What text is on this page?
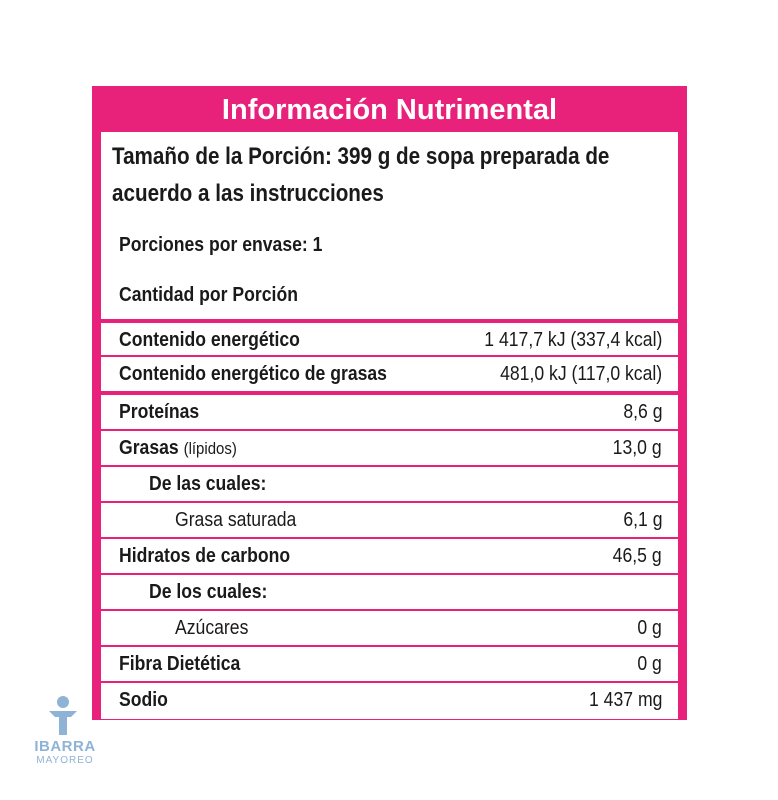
Información Nutrimental
Tamaño de la Porción: 399 g de sopa preparada de acuerdo a las instrucciones
Porciones por envase: 1
Cantidad por Porción
Contenido energético	1 417,7 kJ (337,4 kcal)
Contenido energético de grasas	481,0 kJ (117,0 kcal)
Proteínas	8,6 g
Grasas (lípidos)	13,0 g
De las cuales:
Grasa saturada	6,1 g
Hidratos de carbono	46,5 g
De los cuales:
Azúcares	0 g
Fibra Dietética	0 g
Sodio	1 437 mg
IBARRA
MAYOREO
